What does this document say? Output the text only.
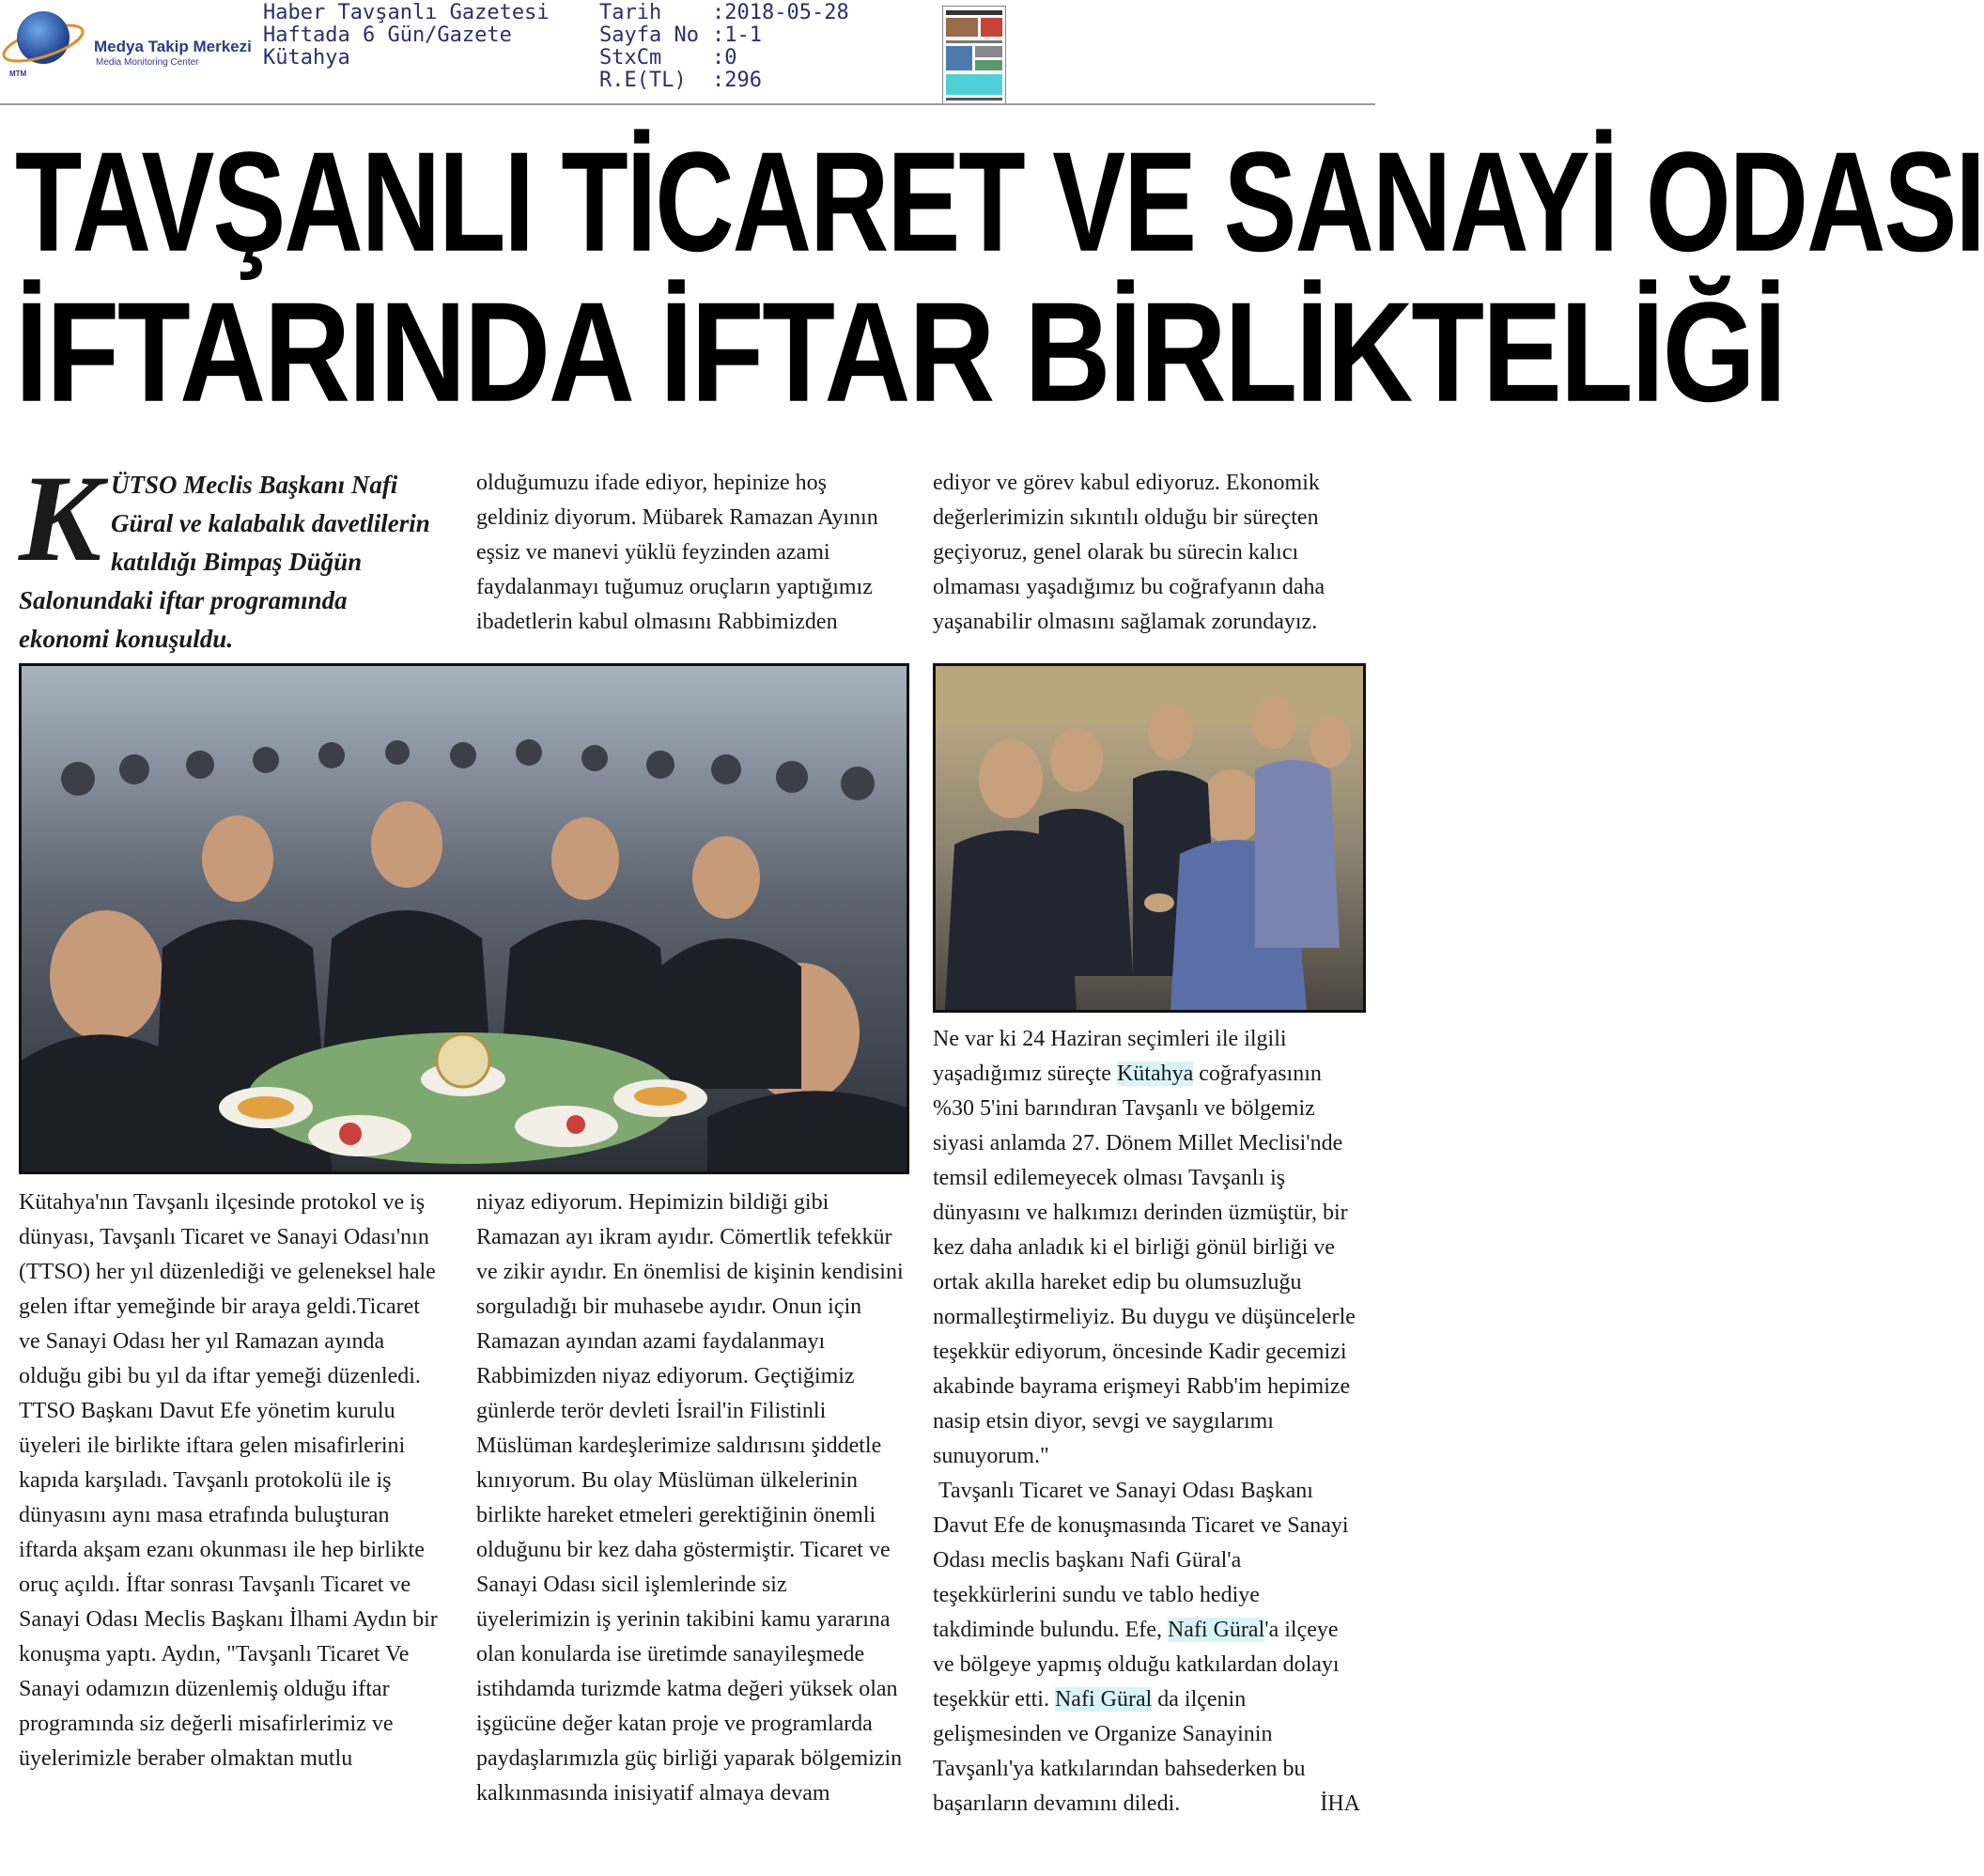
Medya Takip Merkezi
Media Monitoring Center
MTM
Haber Tavşanlı Gazetesi
Haftada 6 Gün/Gazete
Kütahya
Tarih :2018-05-28
Sayfa No :1-1
StxCm :0
R.E(TL) :296
TAVŞANLI TİCARET VE SANAYİ ODASI
İFTARINDA İFTAR BİRLİKTELİĞİ
KÜTSO Meclis Başkanı Nafi Güral ve kalabalık davetlilerin katıldığı Bimpaş Düğün Salonundaki iftar programında ekonomi konuşuldu.

olduğumuzu ifade ediyor, hepinize hoş geldiniz diyorum. Mübarek Ramazan Ayının eşsiz ve manevi yüklü feyzinden azami faydalanmayı tuğumuz oruçların yaptığımız ibadetlerin kabul olmasını Rabbimizden

ediyor ve görev kabul ediyoruz. Ekonomik değerlerimizin sıkıntılı olduğu bir süreçten geçiyoruz, genel olarak bu sürecin kalıcı olmaması yaşadığımız bu coğrafyanın daha yaşanabilir olmasını sağlamak zorundayız.

Kütahya'nın Tavşanlı ilçesinde protokol ve iş dünyası, Tavşanlı Ticaret ve Sanayi Odası'nın (TTSO) her yıl düzenlediği ve geleneksel hale gelen iftar yemeğinde bir araya geldi.Ticaret ve Sanayi Odası her yıl Ramazan ayında olduğu gibi bu yıl da iftar yemeği düzenledi. TTSO Başkanı Davut Efe yönetim kurulu üyeleri ile birlikte iftara gelen misafirlerini kapıda karşıladı. Tavşanlı protokolü ile iş dünyasını aynı masa etrafında buluşturan iftarda akşam ezanı okunması ile hep birlikte oruç açıldı. İftar sonrası Tavşanlı Ticaret ve Sanayi Odası Meclis Başkanı İlhami Aydın bir konuşma yaptı. Aydın, "Tavşanlı Ticaret Ve Sanayi odamızın düzenlemiş olduğu iftar programında siz değerli misafirlerimiz ve üyelerimizle beraber olmaktan mutlu

niyaz ediyorum. Hepimizin bildiği gibi Ramazan ayı ikram ayıdır. Cömertlik tefekkür ve zikir ayıdır. En önemlisi de kişinin kendisini sorguladığı bir muhasebe ayıdır. Onun için Ramazan ayından azami faydalanmayı Rabbimizden niyaz ediyorum. Geçtiğimiz günlerde terör devleti İsrail'in Filistinli Müslüman kardeşlerimize saldırısını şiddetle kınıyorum. Bu olay Müslüman ülkelerinin birlikte hareket etmeleri gerektiğinin önemli olduğunu bir kez daha göstermiştir. Ticaret ve Sanayi Odası sicil işlemlerinde siz üyelerimizin iş yerinin takibini kamu yararına olan konularda ise üretimde sanayileşmede istihdamda turizmde katma değeri yüksek olan işgücüne değer katan proje ve programlarda paydaşlarımızla güç birliği yaparak bölgemizin kalkınmasında inisiyatif almaya devam

Ne var ki 24 Haziran seçimleri ile ilgili yaşadığımız süreçte Kütahya coğrafyasının %30 5'ini barındıran Tavşanlı ve bölgemiz siyasi anlamda 27. Dönem Millet Meclisi'nde temsil edilemeyecek olması Tavşanlı iş dünyasını ve halkımızı derinden üzmüştür, bir kez daha anladık ki el birliği gönül birliği ve ortak akılla hareket edip bu olumsuzluğu normalleştirmeliyiz. Bu duygu ve düşüncelerle teşekkür ediyorum, öncesinde Kadir gecemizi akabinde bayrama erişmeyi Rabb'im hepimize nasip etsin diyor, sevgi ve saygılarımı sunuyorum."

Tavşanlı Ticaret ve Sanayi Odası Başkanı Davut Efe de konuşmasında Ticaret ve Sanayi Odası meclis başkanı Nafi Güral'a teşekkürlerini sundu ve tablo hediye takdiminde bulundu. Efe, Nafi Güral'a ilçeye ve bölgeye yapmış olduğu katkılardan dolayı teşekkür etti. Nafi Güral da ilçenin gelişmesinden ve Organize Sanayinin Tavşanlı'ya katkılarından bahsederken bu başarıların devamını diledi.	İHA
